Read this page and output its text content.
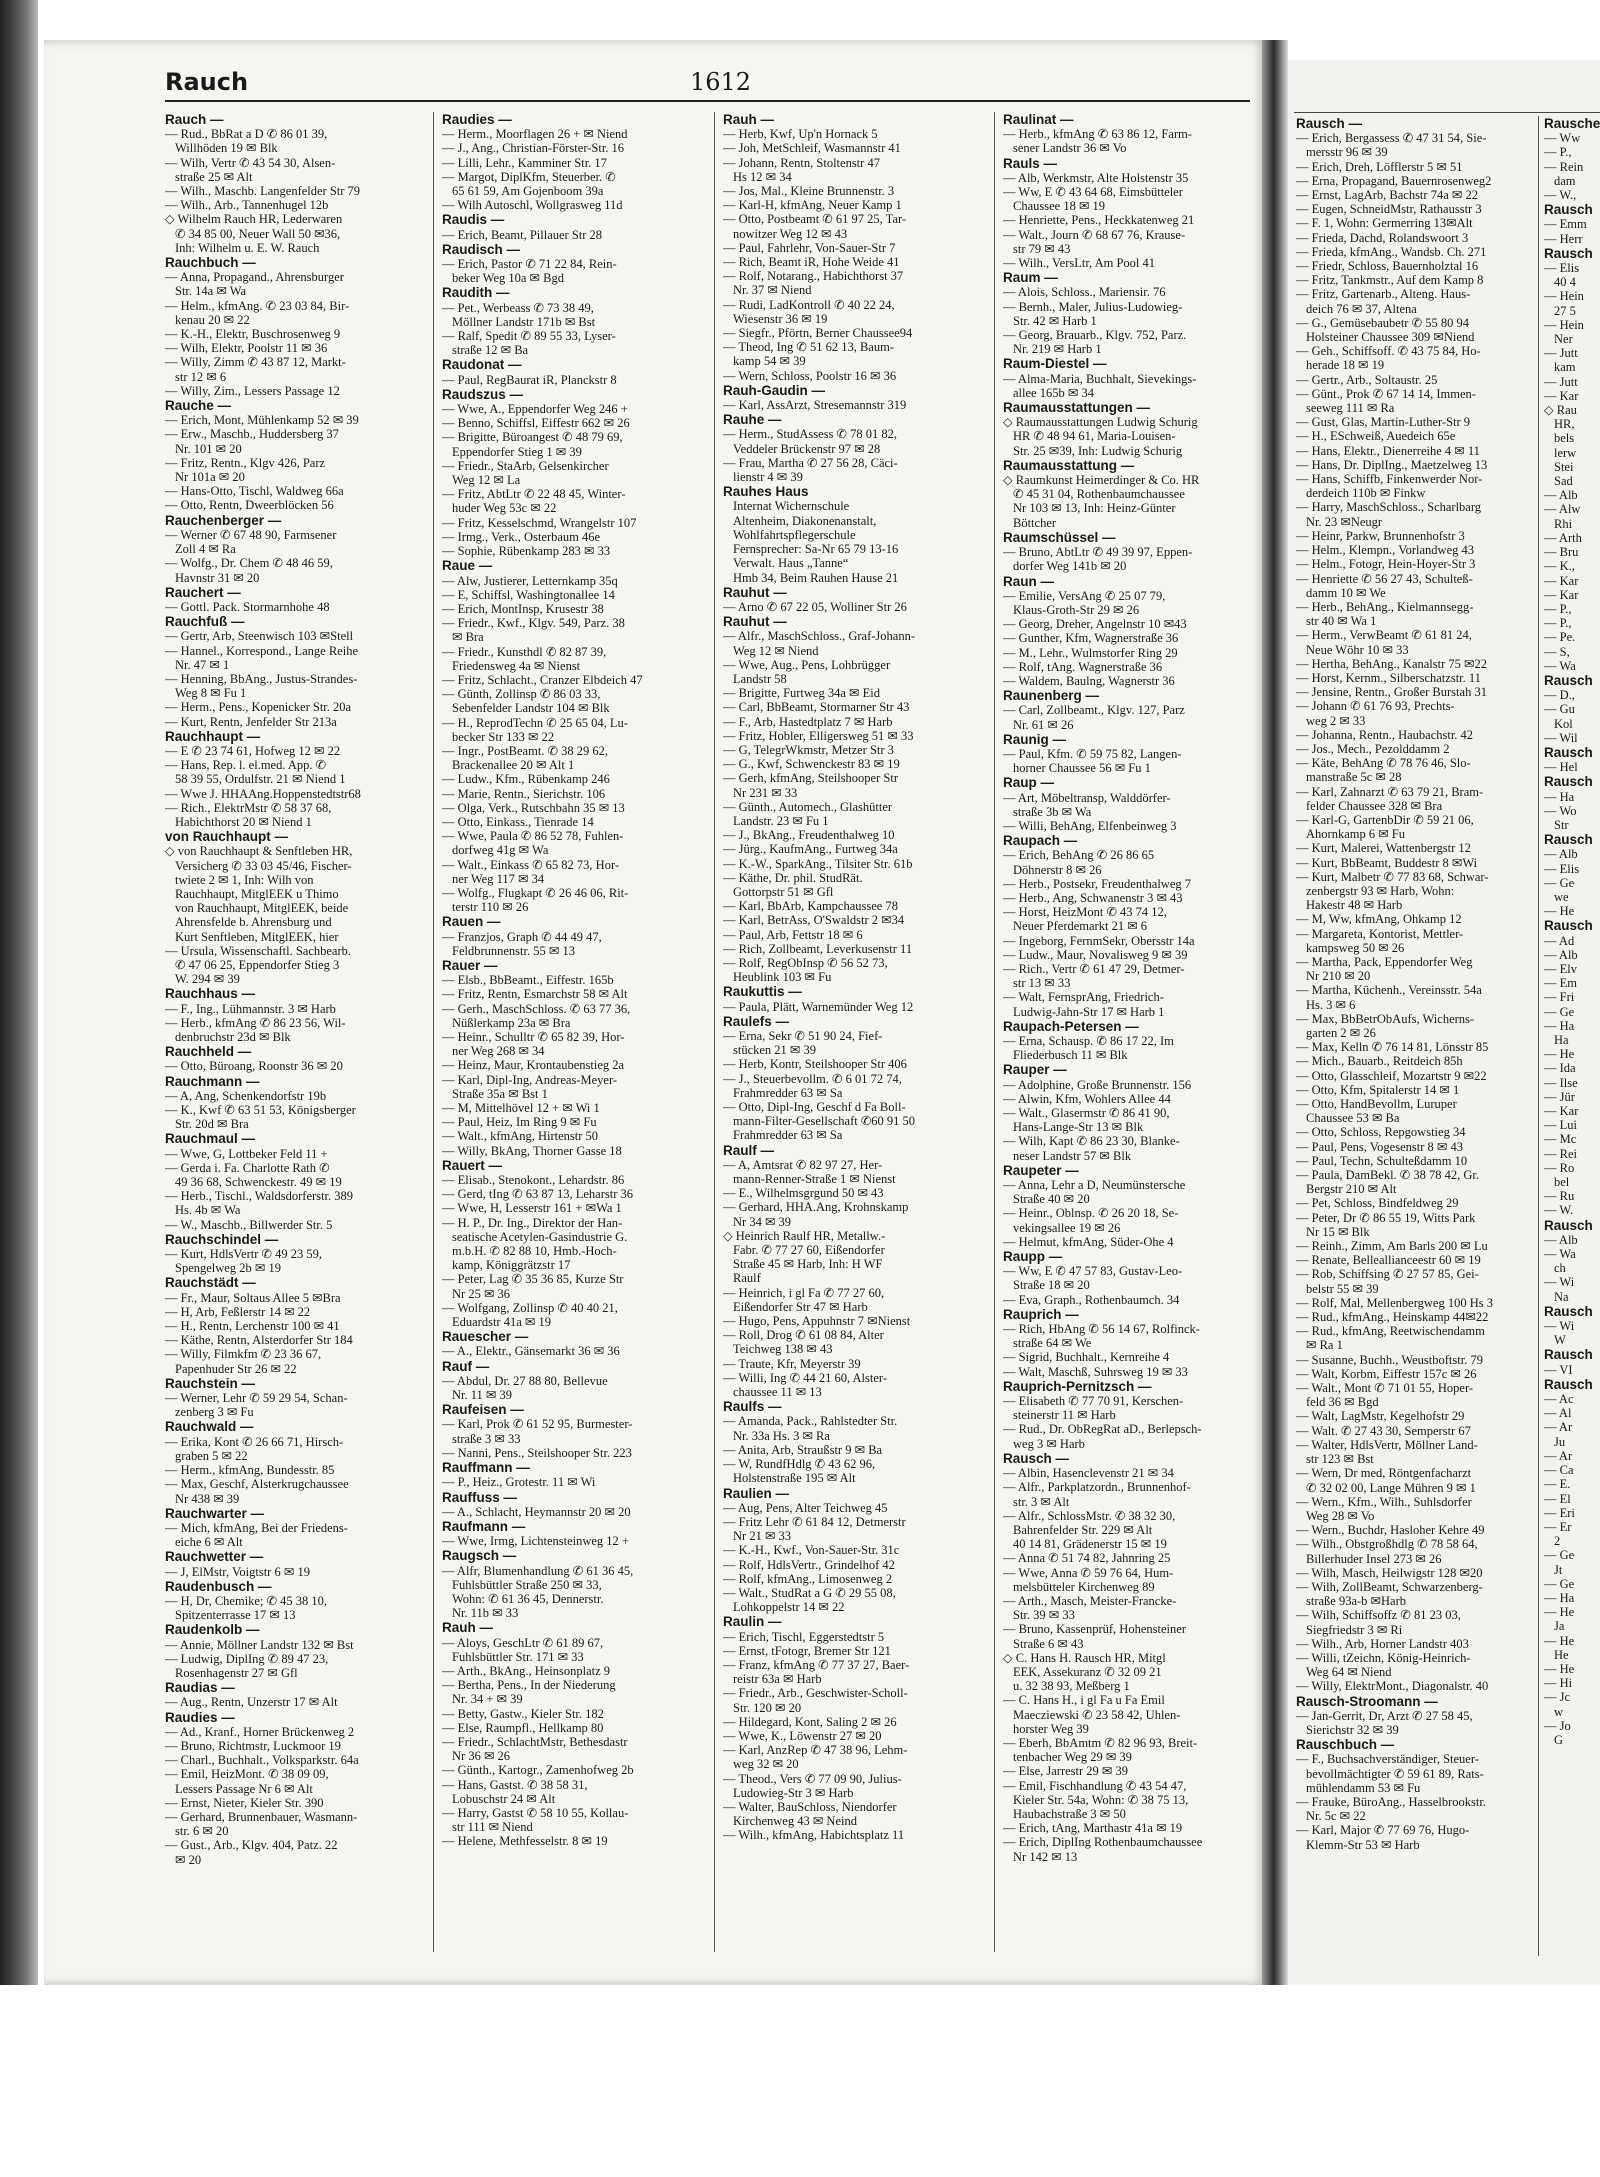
Rausch —
— Erich, Bergassess ✆ 47 31 54, Sie-
mersstr 96 ✉ 39
— Erich, Dreh, Löfflerstr 5 ✉ 51
— Erna, Propagand, Bauernrosenweg2
— Ernst, LagArb, Bachstr 74a ✉ 22
— Eugen, SchneidMstr, Rathausstr 3
— F. 1, Wohn: Germerring 13✉Alt
— Frieda, Dachd, Rolandswoort 3
— Frieda, kfmAng., Wandsb. Ch. 271
— Friedr, Schloss, Bauernholztal 16
— Fritz, Tankmstr., Auf dem Kamp 8
— Fritz, Gartenarb., Alteng. Haus-
deich 76 ✉ 37, Altena
— G., Gemüsebaubetr ✆ 55 80 94
Holsteiner Chaussee 309 ✉Niend
— Geh., Schiffsoff. ✆ 43 75 84, Ho-
herade 18 ✉ 19
— Gertr., Arb., Soltaustr. 25
— Günt., Prok ✆ 67 14 14, Immen-
seeweg 111 ✉ Ra
— Gust, Glas, Martin-Luther-Str 9
— H., ESchweiß, Auedeich 65e
— Hans, Elektr., Dienerreihe 4 ✉ 11
— Hans, Dr. DiplIng., Maetzelweg 13
— Hans, Schiffb, Finkenwerder Nor-
derdeich 110b ✉ Finkw
— Harry, MaschSchloss., Scharlbarg
Nr. 23 ✉Neugr
— Heinr, Parkw, Brunnenhofstr 3
— Helm., Klempn., Vorlandweg 43
— Helm., Fotogr, Hein-Hoyer-Str 3
— Henriette ✆ 56 27 43, Schulteß-
damm 10 ✉ We
— Herb., BehAng., Kielmannsegg-
str 40 ✉ Wa 1
— Herm., VerwBeamt ✆ 61 81 24,
Neue Wöhr 10 ✉ 33
— Hertha, BehAng., Kanalstr 75 ✉22
— Horst, Kernm., Silberschatzstr. 11
— Jensine, Rentn., Großer Burstah 31
— Johann ✆ 61 76 93, Prechts-
weg 2 ✉ 33
— Johanna, Rentn., Haubachstr. 42
— Jos., Mech., Pezolddamm 2
— Käte, BehAng ✆ 78 76 46, Slo-
manstraße 5c ✉ 28
— Karl, Zahnarzt ✆ 63 79 21, Bram-
felder Chaussee 328 ✉ Bra
— Karl-G, GartenbDir ✆ 59 21 06,
Ahornkamp 6 ✉ Fu
— Kurt, Malerei, Wattenbergstr 12
— Kurt, BbBeamt, Buddestr 8 ✉Wi
— Kurt, Malbetr ✆ 77 83 68, Schwar-
zenbergstr 93 ✉ Harb, Wohn:
Hakestr 48 ✉ Harb
— M, Ww, kfmAng, Ohkamp 12
— Margareta, Kontorist, Mettler-
kampsweg 50 ✉ 26
— Martha, Pack, Eppendorfer Weg
Nr 210 ✉ 20
— Martha, Küchenh., Vereinsstr. 54a
Hs. 3 ✉ 6
— Max, BbBetrObAufs, Wicherns-
garten 2 ✉ 26
— Max, Kelln ✆ 76 14 81, Lönsstr 85
— Mich., Bauarb., Reitdeich 85h
— Otto, Glasschleif, Mozartstr 9 ✉22
— Otto, Kfm, Spitalerstr 14 ✉ 1
— Otto, HandBevollm, Luruper
Chaussee 53 ✉ Ba
— Otto, Schloss, Repgowstieg 34
— Paul, Pens, Vogesenstr 8 ✉ 43
— Paul, Techn, Schulteßdamm 10
— Paula, DamBekl. ✆ 38 78 42, Gr.
Bergstr 210 ✉ Alt
— Pet, Schloss, Bindfeldweg 29
— Peter, Dr ✆ 86 55 19, Witts Park
Nr 15 ✉ Blk
— Reinh., Zimm, Am Barls 200 ✉ Lu
— Renate, Belleallianceestr 60 ✉ 19
— Rob, Schiffsing ✆ 27 57 85, Gei-
belstr 55 ✉ 39
— Rolf, Mal, Mellenbergweg 100 Hs 3
— Rud., kfmAng., Heinskamp 44✉22
— Rud., kfmAng, Reetwischendamm
✉ Ra 1
— Susanne, Buchh., Weustboftstr. 79
— Walt, Korbm, Eiffestr 157c ✉ 26
— Walt., Mont ✆ 71 01 55, Hoper-
feld 36 ✉ Bgd
— Walt, LagMstr, Kegelhofstr 29
— Walt. ✆ 27 43 30, Semperstr 67
— Walter, HdlsVertr, Möllner Land-
str 123 ✉ Bst
— Wern, Dr med, Röntgenfacharzt
✆ 32 02 00, Lange Mühren 9 ✉ 1
— Wern., Kfm., Wilh., Suhlsdorfer
Weg 28 ✉ Vo
— Wern., Buchdr, Hasloher Kehre 49
— Wilh., Obstgroßhdlg ✆ 78 58 64,
Billerhuder Insel 273 ✉ 26
— Wilh, Masch, Heilwigstr 128 ✉20
— Wilh, ZollBeamt, Schwarzenberg-
straße 93a-b ✉Harb
— Wilh, Schiffsoffz ✆ 81 23 03,
Siegfriedstr 3 ✉ Ri
— Wilh., Arb, Horner Landstr 403
— Willi, tZeichn, König-Heinrich-
Weg 64 ✉ Niend
— Willy, ElektrMont., Diagonalstr. 40
Rausch-Stroomann —
— Jan-Gerrit, Dr, Arzt ✆ 27 58 45,
Sierichstr 32 ✉ 39
Rauschbuch —
— F., Buchsachverständiger, Steuer-
bevollmächtigter ✆ 59 61 89, Rats-
mühlendamm 53 ✉ Fu
— Frauke, BüroAng., Hasselbrookstr.
Nr. 5c ✉ 22
— Karl, Major ✆ 77 69 76, Hugo-
Klemm-Str 53 ✉ Harb
Rausche
— Ww
— P.,
— Rein
dam
— W.,
Rausch
— Emm
— Herr
Rausch
— Elis
40 4
— Hein
27 5
— Hein
Ner
— Jutt
kam
— Jutt
— Kar
◇ Rau
HR,
bels
lerw
Stei
Sad
— Alb
— Alw
Rhi
— Arth
— Bru
— K.,
— Kar
— Kar
— P.,
— P.,
— Pe.
— S,
— Wa
Rausch
— D.,
— Gu
Kol
— Wil
Rausch
— Hel
Rausch
— Ha
— Wo
Str
Rausch
— Alb
— Elis
— Ge
we
— He
Rausch
— Ad
— Alb
— Elv
— Em
— Fri
— Ge
— Ha
Ha
— He
— Ida
— Ilse
— Jür
— Kar
— Lui
— Mc
— Rei
— Ro
bel
— Ru
— W.
Rausch
— Alb
— Wa
ch
— Wi
Na
Rausch
— Wi
W
Rausch
— VI
Rausch
— Ac
— Al
— Ar
Ju
— Ar
— Ca
— E.
— El
— Eri
— Er
2
— Ge
Jt
— Ge
— Ha
— He
Ja
— He
He
— He
— Hi
— Jc
w
— Jo
G
Rauch	1612
Rauch —
— Rud., BbRat a D ✆ 86 01 39,
Willhöden 19 ✉ Blk
— Wilh, Vertr ✆ 43 54 30, Alsen-
straße 25 ✉ Alt
— Wilh., Maschb. Langenfelder Str 79
— Wilh., Arb., Tannenhugel 12b
◇ Wilhelm Rauch HR, Lederwaren
✆ 34 85 00, Neuer Wall 50 ✉36,
Inh: Wilhelm u. E. W. Rauch
Rauchbuch —
— Anna, Propagand., Ahrensburger
Str. 14a ✉ Wa
— Helm., kfmAng. ✆ 23 03 84, Bir-
kenau 20 ✉ 22
— K.-H., Elektr, Buschrosenweg 9
— Wilh, Elektr, Poolstr 11 ✉ 36
— Willy, Zimm ✆ 43 87 12, Markt-
str 12 ✉ 6
— Willy, Zim., Lessers Passage 12
Rauche —
— Erich, Mont, Mühlenkamp 52 ✉ 39
— Erw., Maschb., Huddersberg 37
Nr. 101 ✉ 20
— Fritz, Rentn., Klgv 426, Parz
Nr 101a ✉ 20
— Hans-Otto, Tischl, Waldweg 66a
— Otto, Rentn, Dweerblöcken 56
Rauchenberger —
— Werner ✆ 67 48 90, Farmsener
Zoll 4 ✉ Ra
— Wolfg., Dr. Chem ✆ 48 46 59,
Havnstr 31 ✉ 20
Rauchert —
— Gottl. Pack. Stormarnhohe 48
Rauchfuß —
— Gertr, Arb, Steenwisch 103 ✉Stell
— Hannel., Korrespond., Lange Reihe
Nr. 47 ✉ 1
— Henning, BbAng., Justus-Strandes-
Weg 8 ✉ Fu 1
— Herm., Pens., Kopenicker Str. 20a
— Kurt, Rentn, Jenfelder Str 213a
Rauchhaupt —
— E ✆ 23 74 61, Hofweg 12 ✉ 22
— Hans, Rep. l. el.med. App. ✆
58 39 55, Ordulfstr. 21 ✉ Niend 1
— Wwe J. HHAAng.Hoppenstedtstr68
— Rich., ElektrMstr ✆ 58 37 68,
Habichthorst 20 ✉ Niend 1
von Rauchhaupt —
◇ von Rauchhaupt & Senftleben HR,
Versicherg ✆ 33 03 45/46, Fischer-
twiete 2 ✉ 1, Inh: Wilh von
Rauchhaupt, MitglEEK u Thimo
von Rauchhaupt, MitglEEK, beide
Ahrensfelde b. Ahrensburg und
Kurt Senftleben, MitglEEK, hier
— Ursula, Wissenschaftl. Sachbearb.
✆ 47 06 25, Eppendorfer Stieg 3
W. 294 ✉ 39
Rauchhaus —
— F., Ing., Lühmannstr. 3 ✉ Harb
— Herb., kfmAng ✆ 86 23 56, Wil-
denbruchstr 23d ✉ Blk
Rauchheld —
— Otto, Büroang, Roonstr 36 ✉ 20
Rauchmann —
— A, Ang, Schenkendorfstr 19b
— K., Kwf ✆ 63 51 53, Königsberger
Str. 20d ✉ Bra
Rauchmaul —
— Wwe, G, Lottbeker Feld 11 +
— Gerda i. Fa. Charlotte Rath ✆
49 36 68, Schwenckestr. 49 ✉ 19
— Herb., Tischl., Waldsdorferstr. 389
Hs. 4b ✉ Wa
— W., Maschb., Billwerder Str. 5
Rauchschindel —
— Kurt, HdlsVertr ✆ 49 23 59,
Spengelweg 2b ✉ 19
Rauchstädt —
— Fr., Maur, Soltaus Allee 5 ✉Bra
— H, Arb, Feßlerstr 14 ✉ 22
— H., Rentn, Lerchenstr 100 ✉ 41
— Käthe, Rentn, Alsterdorfer Str 184
— Willy, Filmkfm ✆ 23 36 67,
Papenhuder Str 26 ✉ 22
Rauchstein —
— Werner, Lehr ✆ 59 29 54, Schan-
zenberg 3 ✉ Fu
Rauchwald —
— Erika, Kont ✆ 26 66 71, Hirsch-
graben 5 ✉ 22
— Herm., kfmAng, Bundesstr. 85
— Max, Geschf, Alsterkrugchaussee
Nr 438 ✉ 39
Rauchwarter —
— Mich, kfmAng, Bei der Friedens-
eiche 6 ✉ Alt
Rauchwetter —
— J, ElMstr, Voigtstr 6 ✉ 19
Raudenbusch —
— H, Dr, Chemike; ✆ 45 38 10,
Spitzenterrasse 17 ✉ 13
Raudenkolb —
— Annie, Möllner Landstr 132 ✉ Bst
— Ludwig, DiplIng ✆ 89 47 23,
Rosenhagenstr 27 ✉ Gfl
Raudias —
— Aug., Rentn, Unzerstr 17 ✉ Alt
Raudies —
— Ad., Kranf., Horner Brückenweg 2
— Bruno, Richtmstr, Luckmoor 19
— Charl., Buchhalt., Volksparkstr. 64a
— Emil, HeizMont. ✆ 38 09 09,
Lessers Passage Nr 6 ✉ Alt
— Ernst, Nieter, Kieler Str. 390
— Gerhard, Brunnenbauer, Wasmann-
str. 6 ✉ 20
— Gust., Arb., Klgv. 404, Patz. 22
✉ 20
Raudies —
— Herm., Moorflagen 26 + ✉ Niend
— J., Ang., Christian-Förster-Str. 16
— Lilli, Lehr., Kamminer Str. 17
— Margot, DiplKfm, Steuerber. ✆
65 61 59, Am Gojenboom 39a
— Wilh Autoschl, Wollgrasweg 11d
Raudis —
— Erich, Beamt, Pillauer Str 28
Raudisch —
— Erich, Pastor ✆ 71 22 84, Rein-
beker Weg 10a ✉ Bgd
Raudith —
— Pet., Werbeass ✆ 73 38 49,
Möllner Landstr 171b ✉ Bst
— Ralf, Spedit ✆ 89 55 33, Lyser-
straße 12 ✉ Ba
Raudonat —
— Paul, RegBaurat iR, Planckstr 8
Raudszus —
— Wwe, A., Eppendorfer Weg 246 +
— Benno, Schiffsl, Eiffestr 662 ✉ 26
— Brigitte, Büroangest ✆ 48 79 69,
Eppendorfer Stieg 1 ✉ 39
— Friedr., StaArb, Gelsenkircher
Weg 12 ✉ La
— Fritz, AbtLtr ✆ 22 48 45, Winter-
huder Weg 53c ✉ 22
— Fritz, Kesselschmd, Wrangelstr 107
— Irmg., Verk., Osterbaum 46e
— Sophie, Rübenkamp 283 ✉ 33
Raue —
— Alw, Justierer, Letternkamp 35q
— E, Schiffsl, Washingtonallee 14
— Erich, MontInsp, Krusestr 38
— Friedr., Kwf., Klgv. 549, Parz. 38
✉ Bra
— Friedr., Kunsthdl ✆ 82 87 39,
Friedensweg 4a ✉ Nienst
— Fritz, Schlacht., Cranzer Elbdeich 47
— Günth, Zollinsp ✆ 86 03 33,
Sebenfelder Landstr 104 ✉ Blk
— H., ReprodTechn ✆ 25 65 04, Lu-
becker Str 133 ✉ 22
— Ingr., PostBeamt. ✆ 38 29 62,
Brackenallee 20 ✉ Alt 1
— Ludw., Kfm., Rübenkamp 246
— Marie, Rentn., Sierichstr. 106
— Olga, Verk., Rutschbahn 35 ✉ 13
— Otto, Einkass., Tienrade 14
— Wwe, Paula ✆ 86 52 78, Fuhlen-
dorfweg 41g ✉ Wa
— Walt., Einkass ✆ 65 82 73, Hor-
ner Weg 117 ✉ 34
— Wolfg., Flugkapt ✆ 26 46 06, Rit-
terstr 110 ✉ 26
Rauen —
— Franzjos, Graph ✆ 44 49 47,
Feldbrunnenstr. 55 ✉ 13
Rauer —
— Elsb., BbBeamt., Eiffestr. 165b
— Fritz, Rentn, Esmarchstr 58 ✉ Alt
— Gerh., MaschSchloss. ✆ 63 77 36,
Nüßlerkamp 23a ✉ Bra
— Heinr., Schulltr ✆ 65 82 39, Hor-
ner Weg 268 ✉ 34
— Heinz, Maur, Krontaubenstieg 2a
— Karl, Dipl-Ing, Andreas-Meyer-
Straße 35a ✉ Bst 1
— M, Mittelhövel 12 + ✉ Wi 1
— Paul, Heiz, Im Ring 9 ✉ Fu
— Walt., kfmAng, Hirtenstr 50
— Willy, BkAng, Thorner Gasse 18
Rauert —
— Elisab., Stenokont., Lehardstr. 86
— Gerd, tIng ✆ 63 87 13, Leharstr 36
— Wwe, H, Lesserstr 161 + ✉Wa 1
— H. P., Dr. Ing., Direktor der Han-
seatische Acetylen-Gasindustrie G.
m.b.H. ✆ 82 88 10, Hmb.-Hoch-
kamp, Königgrätzstr 17
— Peter, Lag ✆ 35 36 85, Kurze Str
Nr 25 ✉ 36
— Wolfgang, Zollinsp ✆ 40 40 21,
Eduardstr 41a ✉ 19
Rauescher —
— A., Elektr., Gänsemarkt 36 ✉ 36
Rauf —
— Abdul, Dr. 27 88 80, Bellevue
Nr. 11 ✉ 39
Raufeisen —
— Karl, Prok ✆ 61 52 95, Burmester-
straße 3 ✉ 33
— Nanni, Pens., Steilshooper Str. 223
Rauffmann —
— P., Heiz., Grotestr. 11 ✉ Wi
Rauffuss —
— A., Schlacht, Heymannstr 20 ✉ 20
Raufmann —
— Wwe, Irmg, Lichtensteinweg 12 +
Raugsch —
— Alfr, Blumenhandlung ✆ 61 36 45,
Fuhlsbüttler Straße 250 ✉ 33,
Wohn: ✆ 61 36 45, Dennerstr.
Nr. 11b ✉ 33
Rauh —
— Aloys, GeschLtr ✆ 61 89 67,
Fuhlsbüttler Str. 171 ✉ 33
— Arth., BkAng., Heinsonplatz 9
— Bertha, Pens., In der Niederung
Nr. 34 + ✉ 39
— Betty, Gastw., Kieler Str. 182
— Else, Raumpfl., Hellkamp 80
— Friedr., SchlachtMstr, Bethesdastr
Nr 36 ✉ 26
— Günth., Kartogr., Zamenhofweg 2b
— Hans, Gastst. ✆ 38 58 31,
Lobuschstr 24 ✉ Alt
— Harry, Gastst ✆ 58 10 55, Kollau-
str 111 ✉ Niend
— Helene, Methfesselstr. 8 ✉ 19
Rauh —
— Herb, Kwf, Up'n Hornack 5
— Joh, MetSchleif, Wasmannstr 41
— Johann, Rentn, Stoltenstr 47
Hs 12 ✉ 34
— Jos, Mal., Kleine Brunnenstr. 3
— Karl-H, kfmAng, Neuer Kamp 1
— Otto, Postbeamt ✆ 61 97 25, Tar-
nowitzer Weg 12 ✉ 43
— Paul, Fahrlehr, Von-Sauer-Str 7
— Rich, Beamt iR, Hohe Weide 41
— Rolf, Notarang., Habichthorst 37
Nr. 37 ✉ Niend
— Rudi, LadKontroll ✆ 40 22 24,
Wiesenstr 36 ✉ 19
— Siegfr., Pförtn, Berner Chaussee94
— Theod, Ing ✆ 51 62 13, Baum-
kamp 54 ✉ 39
— Wern, Schloss, Poolstr 16 ✉ 36
Rauh-Gaudin —
— Karl, AssArzt, Stresemannstr 319
Rauhe —
— Herm., StudAssess ✆ 78 01 82,
Veddeler Brückenstr 97 ✉ 28
— Frau, Martha ✆ 27 56 28, Cäci-
lienstr 4 ✉ 39
Rauhes Haus
Internat Wichernschule
Altenheim, Diakonenanstalt,
Wohlfahrtspflegerschule
Fernsprecher: Sa-Nr 65 79 13-16
Verwalt. Haus „Tanne“
Hmb 34, Beim Rauhen Hause 21
Rauhut —
— Arno ✆ 67 22 05, Wolliner Str 26
Rauhut —
— Alfr., MaschSchloss., Graf-Johann-
Weg 12 ✉ Niend
— Wwe, Aug., Pens, Lohbrügger
Landstr 58
— Brigitte, Furtweg 34a ✉ Eid
— Carl, BbBeamt, Stormarner Str 43
— F., Arb, Hastedtplatz 7 ✉ Harb
— Fritz, Hobler, Elligersweg 51 ✉ 33
— G, TelegrWkmstr, Metzer Str 3
— G., Kwf, Schwenckestr 83 ✉ 19
— Gerh, kfmAng, Steilshooper Str
Nr 231 ✉ 33
— Günth., Automech., Glashütter
Landstr. 23 ✉ Fu 1
— J., BkAng., Freudenthalweg 10
— Jürg., KaufmAng., Furtweg 34a
— K.-W., SparkAng., Tilsiter Str. 61b
— Käthe, Dr. phil. StudRät.
Gottorpstr 51 ✉ Gfl
— Karl, BbArb, Kampchaussee 78
— Karl, BetrAss, O'Swaldstr 2 ✉34
— Paul, Arb, Fettstr 18 ✉ 6
— Rich, Zollbeamt, Leverkusenstr 11
— Rolf, RegObInsp ✆ 56 52 73,
Heublink 103 ✉ Fu
Raukuttis —
— Paula, Plätt, Warnemünder Weg 12
Raulefs —
— Erna, Sekr ✆ 51 90 24, Fief-
stücken 21 ✉ 39
— Herb, Kontr, Steilshooper Str 406
— J., Steuerbevollm. ✆ 6 01 72 74,
Frahmredder 63 ✉ Sa
— Otto, Dipl-Ing, Geschf d Fa Boll-
mann-Filter-Gesellschaft ✆60 91 50
Frahmredder 63 ✉ Sa
Raulf —
— A, Amtsrat ✆ 82 97 27, Her-
mann-Renner-Straße 1 ✉ Nienst
— E., Wilhelmsgrgund 50 ✉ 43
— Gerhard, HHA.Ang, Krohnskamp
Nr 34 ✉ 39
◇ Heinrich Raulf HR, Metallw.-
Fabr. ✆ 77 27 60, Eißendorfer
Straße 45 ✉ Harb, Inh: H WF
Raulf
— Heinrich, i gl Fa ✆ 77 27 60,
Eißendorfer Str 47 ✉ Harb
— Hugo, Pens, Appuhnstr 7 ✉Nienst
— Roll, Drog ✆ 61 08 84, Alter
Teichweg 138 ✉ 43
— Traute, Kfr, Meyerstr 39
— Willi, Ing ✆ 44 21 60, Alster-
chaussee 11 ✉ 13
Raulfs —
— Amanda, Pack., Rahlstedter Str.
Nr. 33a Hs. 3 ✉ Ra
— Anita, Arb, Straußstr 9 ✉ Ba
— W, RundfHdlg ✆ 43 62 96,
Holstenstraße 195 ✉ Alt
Raulien —
— Aug, Pens, Alter Teichweg 45
— Fritz Lehr ✆ 61 84 12, Detmerstr
Nr 21 ✉ 33
— K.-H., Kwf., Von-Sauer-Str. 31c
— Rolf, HdlsVertr., Grindelhof 42
— Rolf, kfmAng., Limosenweg 2
— Walt., StudRat a G ✆ 29 55 08,
Lohkoppelstr 14 ✉ 22
Raulin —
— Erich, Tischl, Eggerstedtstr 5
— Ernst, tFotogr, Bremer Str 121
— Franz, kfmAng ✆ 77 37 27, Baer-
reistr 63a ✉ Harb
— Friedr., Arb., Geschwister-Scholl-
Str. 120 ✉ 20
— Hildegard, Kont, Saling 2 ✉ 26
— Wwe, K., Löwenstr 27 ✉ 20
— Karl, AnzRep ✆ 47 38 96, Lehm-
weg 32 ✉ 20
— Theod., Vers ✆ 77 09 90, Julius-
Ludowieg-Str 3 ✉ Harb
— Walter, BauSchloss, Niendorfer
Kirchenweg 43 ✉ Neind
— Wilh., kfmAng, Habichtsplatz 11
Raulinat —
— Herb., kfmAng ✆ 63 86 12, Farm-
sener Landstr 36 ✉ Vo
Rauls —
— Alb, Werkmstr, Alte Holstenstr 35
— Ww, E ✆ 43 64 68, Eimsbütteler
Chaussee 18 ✉ 19
— Henriette, Pens., Heckkatenweg 21
— Walt., Journ ✆ 68 67 76, Krause-
str 79 ✉ 43
— Wilh., VersLtr, Am Pool 41
Raum —
— Alois, Schloss., Mariensir. 76
— Bernh., Maler, Julius-Ludowieg-
Str. 42 ✉ Harb 1
— Georg, Brauarb., Klgv. 752, Parz.
Nr. 219 ✉ Harb 1
Raum-Diestel —
— Alma-Maria, Buchhalt, Sievekings-
allee 165b ✉ 34
Raumausstattungen —
◇ Raumausstattungen Ludwig Schurig
HR ✆ 48 94 61, Maria-Louisen-
Str. 25 ✉39, Inh: Ludwig Schurig
Raumausstattung —
◇ Raumkunst Heimerdinger & Co. HR
✆ 45 31 04, Rothenbaumchaussee
Nr 103 ✉ 13, Inh: Heinz-Günter
Böttcher
Raumschüssel —
— Bruno, AbtLtr ✆ 49 39 97, Eppen-
dorfer Weg 141b ✉ 20
Raun —
— Emilie, VersAng ✆ 25 07 79,
Klaus-Groth-Str 29 ✉ 26
— Georg, Dreher, Angelnstr 10 ✉43
— Gunther, Kfm, Wagnerstraße 36
— M., Lehr., Wulmstorfer Ring 29
— Rolf, tAng. Wagnerstraße 36
— Waldem, Baulng, Wagnerstr 36
Raunenberg —
— Carl, Zollbeamt., Klgv. 127, Parz
Nr. 61 ✉ 26
Raunig —
— Paul, Kfm. ✆ 59 75 82, Langen-
horner Chaussee 56 ✉ Fu 1
Raup —
— Art, Möbeltransp, Walddörfer-
straße 3b ✉ Wa
— Willi, BehAng, Elfenbeinweg 3
Raupach —
— Erich, BehAng ✆ 26 86 65
Döhnerstr 8 ✉ 26
— Herb., Postsekr, Freudenthalweg 7
— Herb., Ang, Schwanenstr 3 ✉ 43
— Horst, HeizMont ✆ 43 74 12,
Neuer Pferdemarkt 21 ✉ 6
— Ingeborg, FernmSekr, Obersstr 14a
— Ludw., Maur, Novalisweg 9 ✉ 39
— Rich., Vertr ✆ 61 47 29, Detmer-
str 13 ✉ 33
— Walt, FernsprAng, Friedrich-
Ludwig-Jahn-Str 17 ✉ Harb 1
Raupach-Petersen —
— Erna, Schausp. ✆ 86 17 22, Im
Fliederbusch 11 ✉ Blk
Rauper —
— Adolphine, Große Brunnenstr. 156
— Alwin, Kfm, Wohlers Allee 44
— Walt., Glasermstr ✆ 86 41 90,
Hans-Lange-Str 13 ✉ Blk
— Wilh, Kapt ✆ 86 23 30, Blanke-
neser Landstr 57 ✉ Blk
Raupeter —
— Anna, Lehr a D, Neumünstersche
Straße 40 ✉ 20
— Heinr., Oblnsp. ✆ 26 20 18, Se-
vekingsallee 19 ✉ 26
— Helmut, kfmAng, Süder-Ohe 4
Raupp —
— Ww, E ✆ 47 57 83, Gustav-Leo-
Straße 18 ✉ 20
— Eva, Graph., Rothenbaumch. 34
Rauprich —
— Rich, HbAng ✆ 56 14 67, Rolfinck-
straße 64 ✉ We
— Sigrid, Buchhalt., Kernreihe 4
— Walt, Maschß, Suhrsweg 19 ✉ 33
Rauprich-Pernitzsch —
— Elisabeth ✆ 77 70 91, Kerschen-
steinerstr 11 ✉ Harb
— Rud., Dr. ObRegRat aD., Berlepsch-
weg 3 ✉ Harb
Rausch —
— Albin, Hasenclevenstr 21 ✉ 34
— Alfr., Parkplatzordn., Brunnenhof-
str. 3 ✉ Alt
— Alfr., SchlossMstr. ✆ 38 32 30,
Bahrenfelder Str. 229 ✉ Alt
40 14 81, Grädenerstr 15 ✉ 19
— Anna ✆ 51 74 82, Jahnring 25
— Wwe, Anna ✆ 59 76 64, Hum-
melsbütteler Kirchenweg 89
— Arth., Masch, Meister-Francke-
Str. 39 ✉ 33
— Bruno, Kassenprüf, Hohensteiner
Straße 6 ✉ 43
◇ C. Hans H. Rausch HR, Mitgl
EEK, Assekuranz ✆ 32 09 21
u. 32 38 93, Meßberg 1
— C. Hans H., i gl Fa u Fa Emil
Maecziewski ✆ 23 58 42, Uhlen-
horster Weg 39
— Eberh, BbAmtm ✆ 82 96 93, Breit-
tenbacher Weg 29 ✉ 39
— Else, Jarrestr 29 ✉ 39
— Emil, Fischhandlung ✆ 43 54 47,
Kieler Str. 54a, Wohn: ✆ 38 75 13,
Haubachstraße 3 ✉ 50
— Erich, tAng, Marthastr 41a ✉ 19
— Erich, DiplIng Rothenbaumchaussee
Nr 142 ✉ 13
